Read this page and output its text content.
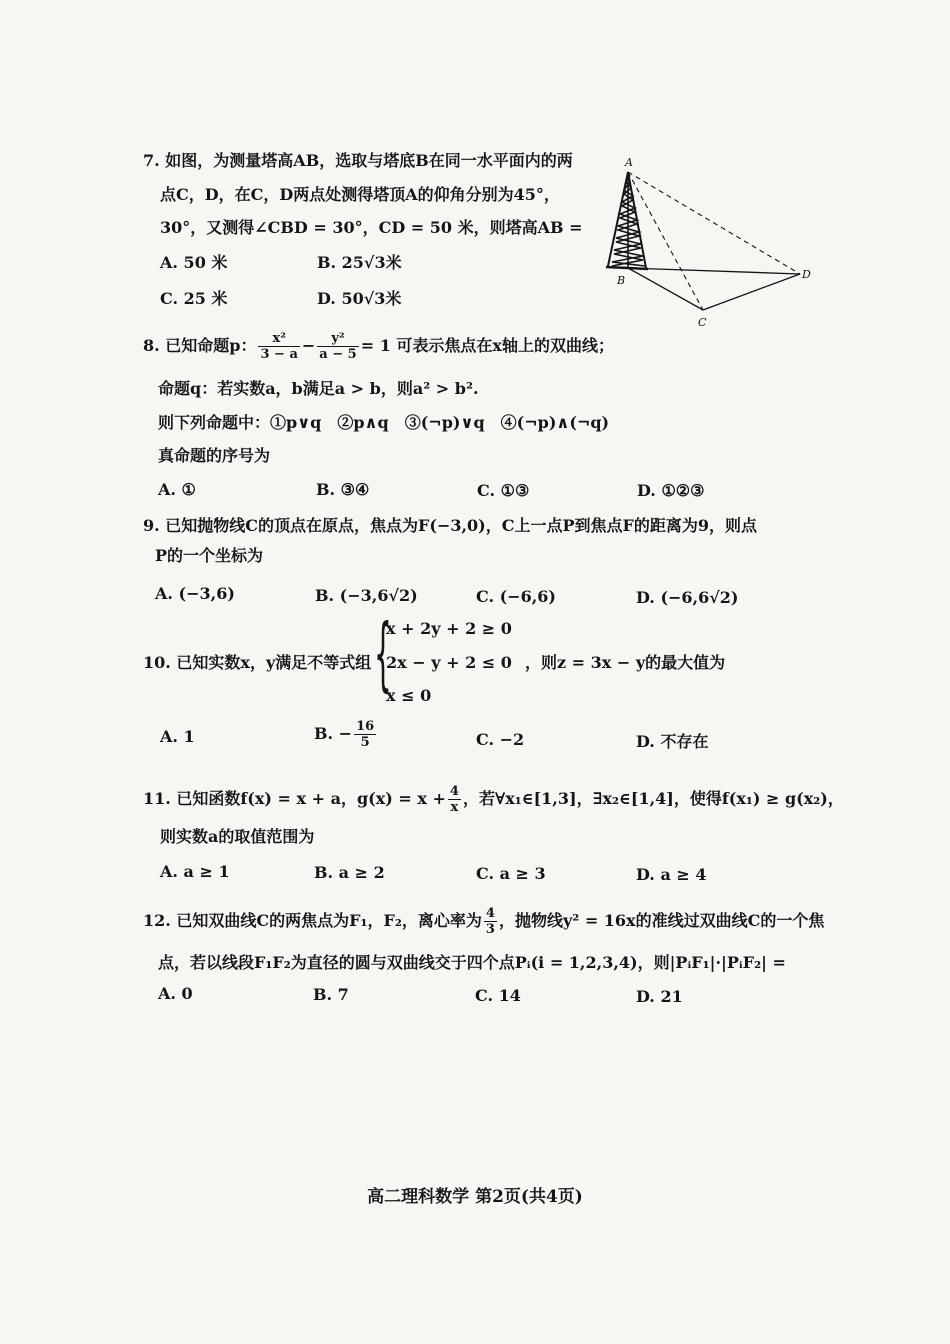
7. 如图，为测量塔高AB，选取与塔底B在同一水平面内的两
点C，D，在C，D两点处测得塔顶A的仰角分别为45°，
30°，又测得∠CBD = 30°，CD = 50 米，则塔高AB =
A. 50 米	B. 25√3米
C. 25 米	D. 50√3米
A
B
C
D
8. 已知命题p： $\frac{\text{x²}}{3 - a} - \frac{\text{y²}}{a - 5} = 1$ 可表示焦点在x轴上的双曲线；
命题q：若实数a，b满足a > b，则a² > b².
则下列命题中：①p∨q　②p∧q　③(¬p)∨q　④(¬p)∧(¬q)
真命题的序号为
A. ①	B. ③④	C. ①③	D. ①②③
9. 已知抛物线C的顶点在原点，焦点为F(−3,0)，C上一点P到焦点F的距离为9，则点
P的一个坐标为
A. (−3,6)	B. (−3,6√2)	C. (−6,6)	D. (−6,6√2)
10. 已知实数x，y满足不等式组 {
x + 2y + 2 ≥ 0
2x − y + 2 ≤ 0
x ≤ 0
，则z = 3x − y的最大值为
A. 1	B. − $\frac{16}{5}$	C. −2	D. 不存在
11. 已知函数f(x) = x + a，$g(x) = x + \frac{4}{x}$ ，若∀x₁∈[1,3]，∃x₂∈[1,4]，使得f(x₁) ≥ g(x₂)，
则实数a的取值范围为
A. a ≥ 1	B. a ≥ 2	C. a ≥ 3	D. a ≥ 4
12. 已知双曲线C的两焦点为F₁，F₂，离心率为 $\frac{4}{3}$ ，抛物线y² = 16x的准线过双曲线C的一个焦
点，若以线段F₁F₂为直径的圆与双曲线交于四个点Pᵢ(i = 1,2,3,4)，则|PᵢF₁|·|PᵢF₂| =
A. 0	B. 7	C. 14	D. 21
高二理科数学 第2页(共4页)
